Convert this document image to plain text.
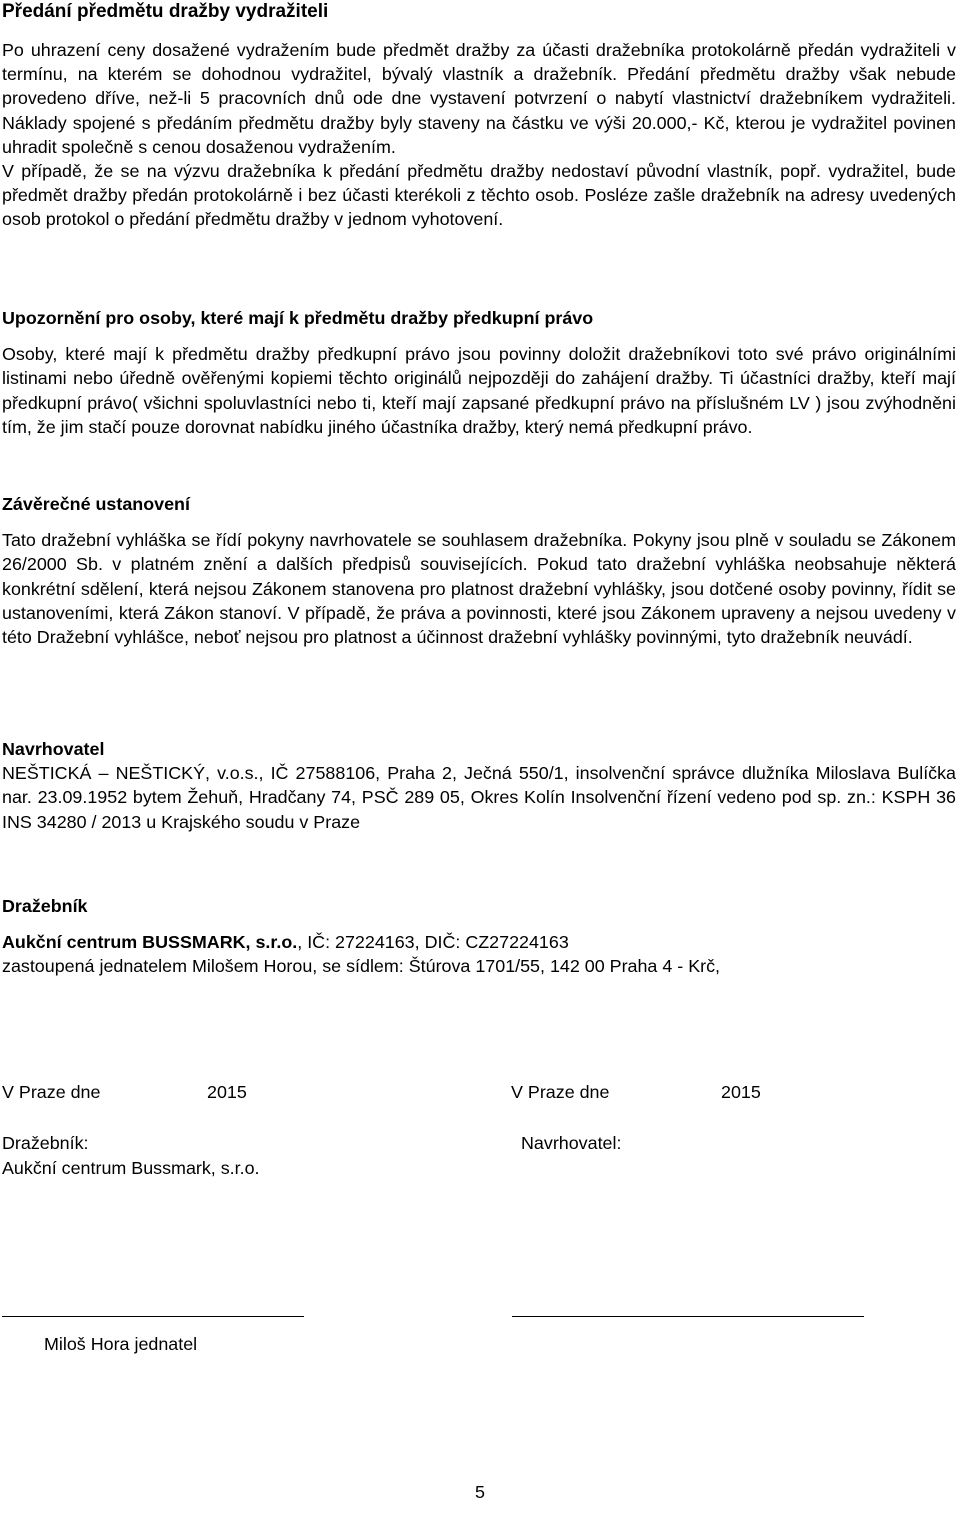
Předání předmětu dražby vydražiteli

Po uhrazení ceny dosažené vydražením bude předmět dražby za účasti dražebníka protokolárně předán vydražiteli v termínu, na kterém se dohodnou vydražitel, bývalý vlastník a dražebník. Předání předmětu dražby však nebude provedeno dříve, než-li 5 pracovních dnů ode dne vystavení potvrzení o nabytí vlastnictví dražebníkem vydražiteli. Náklady spojené s předáním předmětu dražby byly staveny na částku ve výši 20.000,- Kč, kterou je vydražitel povinen uhradit společně s cenou dosaženou vydražením.

V případě, že se na výzvu dražebníka k předání předmětu dražby nedostaví původní vlastník, popř. vydražitel, bude předmět dražby předán protokolárně i bez účasti kterékoli z těchto osob. Posléze zašle dražebník na adresy uvedených osob protokol o předání předmětu dražby v jednom vyhotovení.

Upozornění pro osoby, které mají k předmětu dražby předkupní právo

Osoby, které mají k předmětu dražby předkupní právo jsou povinny doložit dražebníkovi toto své právo originálními listinami nebo úředně ověřenými kopiemi těchto originálů nejpozději do zahájení dražby. Ti účastníci dražby, kteří mají předkupní právo( všichni spoluvlastníci nebo ti, kteří mají zapsané předkupní právo na příslušném LV ) jsou zvýhodněni tím, že jim stačí pouze dorovnat nabídku jiného účastníka dražby, který nemá předkupní právo.

Závěrečné ustanovení

Tato dražební vyhláška se řídí pokyny navrhovatele se souhlasem dražebníka. Pokyny jsou plně v souladu se Zákonem 26/2000 Sb. v platném znění a dalších předpisů souvisejících. Pokud tato dražební vyhláška neobsahuje některá konkrétní sdělení, která nejsou Zákonem stanovena pro platnost dražební vyhlášky, jsou dotčené osoby povinny, řídit se ustanoveními, která Zákon stanoví. V případě, že práva a povinnosti, které jsou Zákonem upraveny a nejsou uvedeny v této Dražební vyhlášce, neboť nejsou pro platnost a účinnost dražební vyhlášky povinnými, tyto dražebník neuvádí.

Navrhovatel

NEŠTICKÁ – NEŠTICKÝ, v.o.s., IČ 27588106, Praha 2, Ječná 550/1, insolvenční správce dlužníka Miloslava Bulíčka nar. 23.09.1952 bytem Žehuň, Hradčany 74, PSČ 289 05, Okres Kolín Insolvenční řízení vedeno pod sp. zn.: KSPH 36 INS 34280 / 2013 u Krajského soudu v Praze

Dražebník
Aukční centrum BUSSMARK, s.r.o., IČ: 27224163, DIČ: CZ27224163
zastoupená jednatelem Milošem Horou, se sídlem: Štúrova 1701/55, 142 00 Praha 4 - Krč,
V Praze dne	2015	V Praze dne	2015
Dražebník:	Navrhovatel:
Aukční centrum Bussmark, s.r.o.
Miloš Hora jednatel
5
